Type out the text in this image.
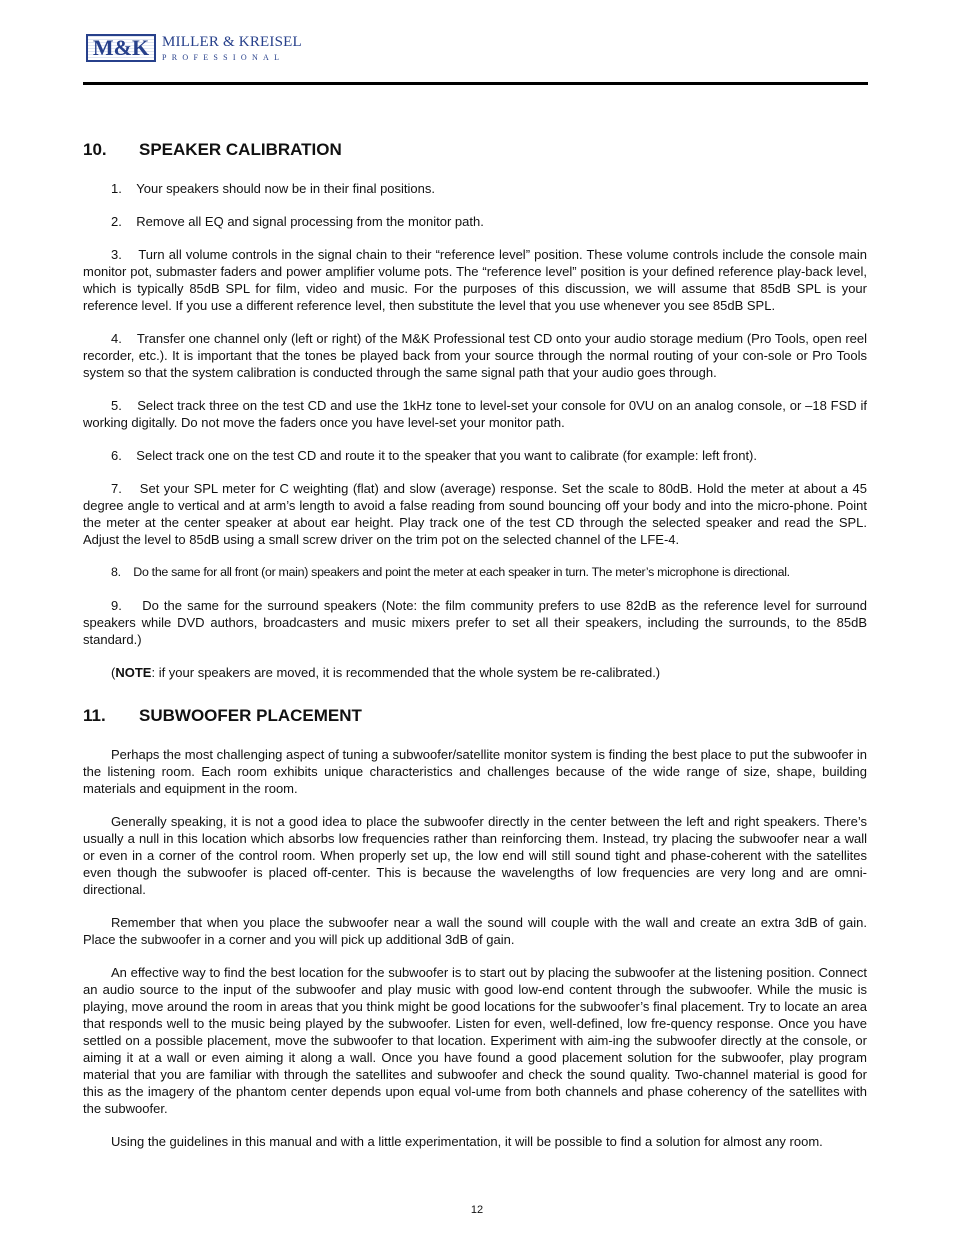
M&K MILLER & KREISEL
PROFESSIONAL
10.	SPEAKER CALIBRATION

1.    Your speakers should now be in their final positions.

2.    Remove all EQ and signal processing from the monitor path.

3.    Turn all volume controls in the signal chain to their “reference level” position. These volume controls include the console main monitor pot, submaster faders and power amplifier volume pots. The “reference level” position is your defined reference play-back level, which is typically 85dB SPL for film, video and music. For the purposes of this discussion, we will assume that 85dB SPL is your reference level. If you use a different reference level, then substitute the level that you use whenever you see 85dB SPL.

4.    Transfer one channel only (left or right) of the M&K Professional test CD onto your audio storage medium (Pro Tools, open reel recorder, etc.). It is important that the tones be played back from your source through the normal routing of your con-sole or Pro Tools system so that the system calibration is conducted through the same signal path that your audio goes through.

5.    Select track three on the test CD and use the 1kHz tone to level-set your console for 0VU on an analog console, or –18 FSD if working digitally. Do not move the faders once you have level-set your monitor path.

6.    Select track one on the test CD and route it to the speaker that you want to calibrate (for example: left front).

7.    Set your SPL meter for C weighting (flat) and slow (average) response. Set the scale to 80dB. Hold the meter at about a 45 degree angle to vertical and at arm’s length to avoid a false reading from sound bouncing off your body and into the micro-phone. Point the meter at the center speaker at about ear height. Play track one of the test CD through the selected speaker and read the SPL. Adjust the level to 85dB using a small screw driver on the trim pot on the selected channel of the LFE-4.

8.    Do the same for all front (or main) speakers and point the meter at each speaker in turn. The meter’s microphone is directional.

9.    Do the same for the surround speakers (Note: the film community prefers to use 82dB as the reference level for surround speakers while DVD authors, broadcasters and music mixers prefer to set all their speakers, including the surrounds, to the 85dB standard.)

(NOTE: if your speakers are moved, it is recommended that the whole system be re-calibrated.)

11.	SUBWOOFER PLACEMENT

Perhaps the most challenging aspect of tuning a subwoofer/satellite monitor system is finding the best place to put the subwoofer in the listening room. Each room exhibits unique characteristics and challenges because of the wide range of size, shape, building materials and equipment in the room.

Generally speaking, it is not a good idea to place the subwoofer directly in the center between the left and right speakers. There’s usually a null in this location which absorbs low frequencies rather than reinforcing them. Instead, try placing the subwoofer near a wall or even in a corner of the control room. When properly set up, the low end will still sound tight and phase-coherent with the satellites even though the subwoofer is placed off-center. This is because the wavelengths of low frequencies are very long and are omni-directional.

Remember that when you place the subwoofer near a wall the sound will couple with the wall and create an extra 3dB of gain. Place the subwoofer in a corner and you will pick up additional 3dB of gain.

An effective way to find the best location for the subwoofer is to start out by placing the subwoofer at the listening position. Connect an audio source to the input of the subwoofer and play music with good low-end content through the subwoofer. While the music is playing, move around the room in areas that you think might be good locations for the subwoofer’s final placement. Try to locate an area that responds well to the music being played by the subwoofer. Listen for even, well-defined, low fre-quency response. Once you have settled on a possible placement, move the subwoofer to that location. Experiment with aim-ing the subwoofer directly at the console, or aiming it at a wall or even aiming it along a wall. Once you have found a good placement solution for the subwoofer, play program material that you are familiar with through the satellites and subwoofer and check the sound quality. Two-channel material is good for this as the imagery of the phantom center depends upon equal vol-ume from both channels and phase coherency of the satellites with the subwoofer.

Using the guidelines in this manual and with a little experimentation, it will be possible to find a solution for almost any room.

12
